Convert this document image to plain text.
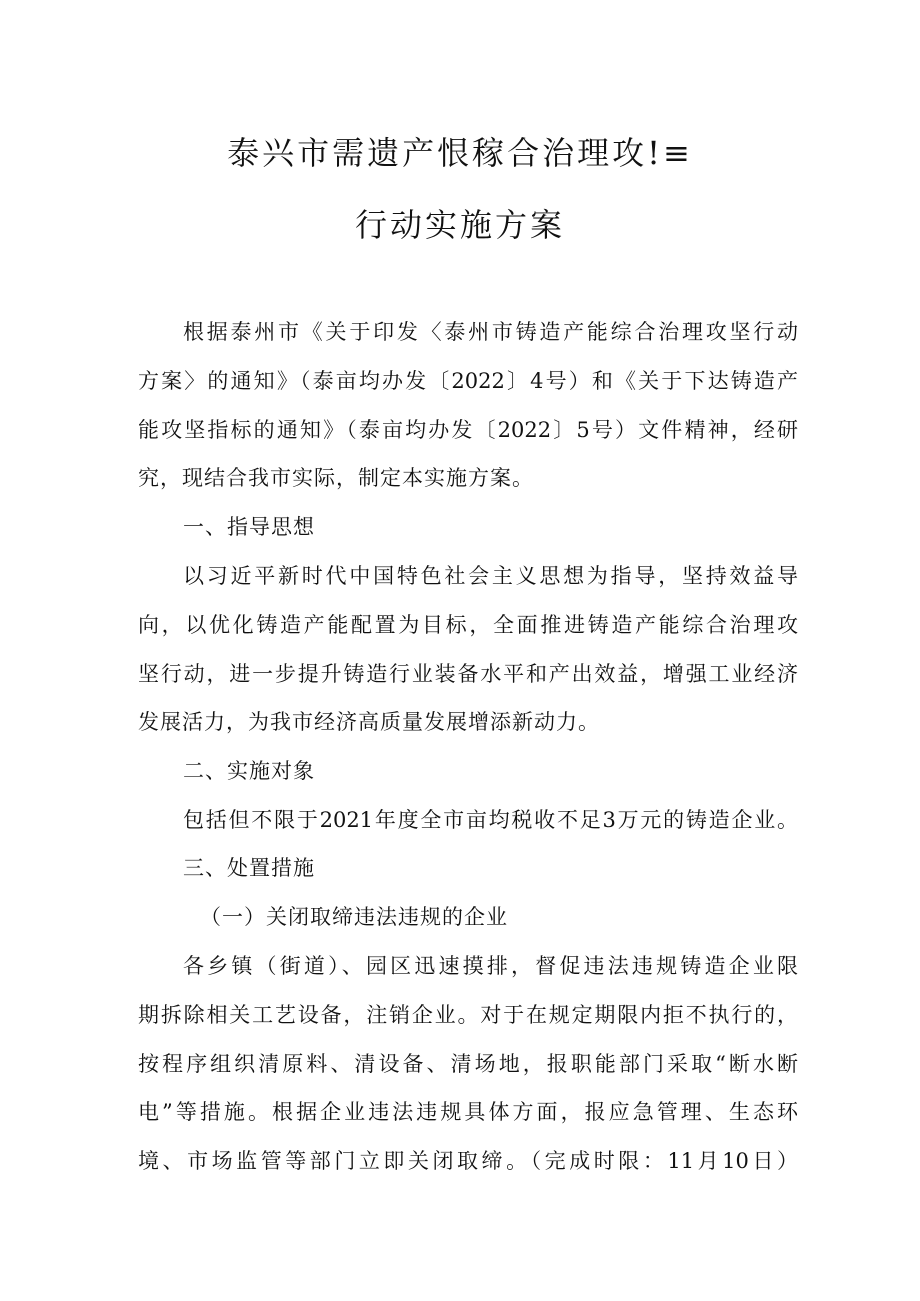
泰兴市需遗产恨稼合治理攻!≡
行动实施方案
根据泰州市《关于印发〈泰州市铸造产能综合治理攻坚行动
方案〉的通知》（泰亩均办发〔2022〕4号）和《关于下达铸造产
能攻坚指标的通知》（泰亩均办发〔2022〕5号）文件精神，经研
究，现结合我市实际，制定本实施方案。
一、指导思想
以习近平新时代中国特色社会主义思想为指导，坚持效益导
向，以优化铸造产能配置为目标，全面推进铸造产能综合治理攻
坚行动，进一步提升铸造行业装备水平和产出效益，增强工业经济
发展活力，为我市经济高质量发展增添新动力。
二、实施对象
包括但不限于2021年度全市亩均税收不足3万元的铸造企业。
三、处置措施
（一）关闭取缔违法违规的企业
各乡镇（街道）、园区迅速摸排，督促违法违规铸造企业限
期拆除相关工艺设备，注销企业。对于在规定期限内拒不执行的，
按程序组织清原料、清设备、清场地，报职能部门采取“断水断
电”等措施。根据企业违法违规具体方面，报应急管理、生态环
境、市场监管等部门立即关闭取缔。（完成时限：11月10日）
